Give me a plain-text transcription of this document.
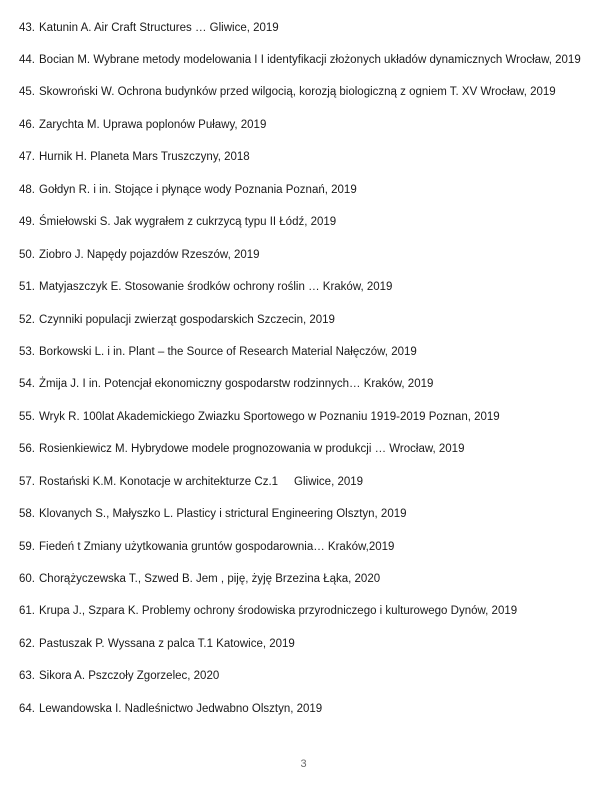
43. Katunin A. Air Craft Structures … Gliwice, 2019
44. Bocian M. Wybrane metody modelowania I I identyfikacji złożonych układów dynamicznych Wrocław, 2019
45. Skowroński W. Ochrona budynków przed wilgocią, korozją biologiczną z ogniem T. XV Wrocław, 2019
46. Zarychta M. Uprawa poplonów Puławy, 2019
47. Hurnik H. Planeta Mars Truszczyny, 2018
48. Gołdyn R. i in. Stojące i płynące wody Poznania Poznań, 2019
49. Śmiełowski S. Jak wygrałem z cukrzycą typu II Łódź, 2019
50. Ziobro J. Napędy pojazdów Rzeszów, 2019
51. Matyjaszczyk E. Stosowanie środków ochrony roślin … Kraków, 2019
52. Czynniki populacji zwierząt gospodarskich Szczecin, 2019
53. Borkowski L. i in. Plant – the Source of Research Material Nałęczów, 2019
54. Żmija J. I in. Potencjał ekonomiczny gospodarstw rodzinnych… Kraków, 2019
55. Wryk R. 100lat Akademickiego Zwiazku Sportowego w Poznaniu 1919-2019 Poznan, 2019
56. Rosienkiewicz M. Hybrydowe modele prognozowania w produkcji … Wrocław, 2019
57. Rostański K.M. Konotacje w architekturze Cz.1     Gliwice, 2019
58. Klovanych S., Małyszko L. Plasticy i strictural Engineering Olsztyn, 2019
59. Fiedeń t Zmiany użytkowania gruntów gospodarownia… Kraków,2019
60. Chorążyczewska T., Szwed B. Jem , piję, żyję Brzezina Łąka, 2020
61. Krupa J., Szpara K. Problemy ochrony środowiska przyrodniczego i kulturowego Dynów, 2019
62. Pastuszak P. Wyssana z palca T.1 Katowice, 2019
63. Sikora A. Pszczoły Zgorzelec, 2020
64. Lewandowska I. Nadleśnictwo Jedwabno Olsztyn, 2019
3
